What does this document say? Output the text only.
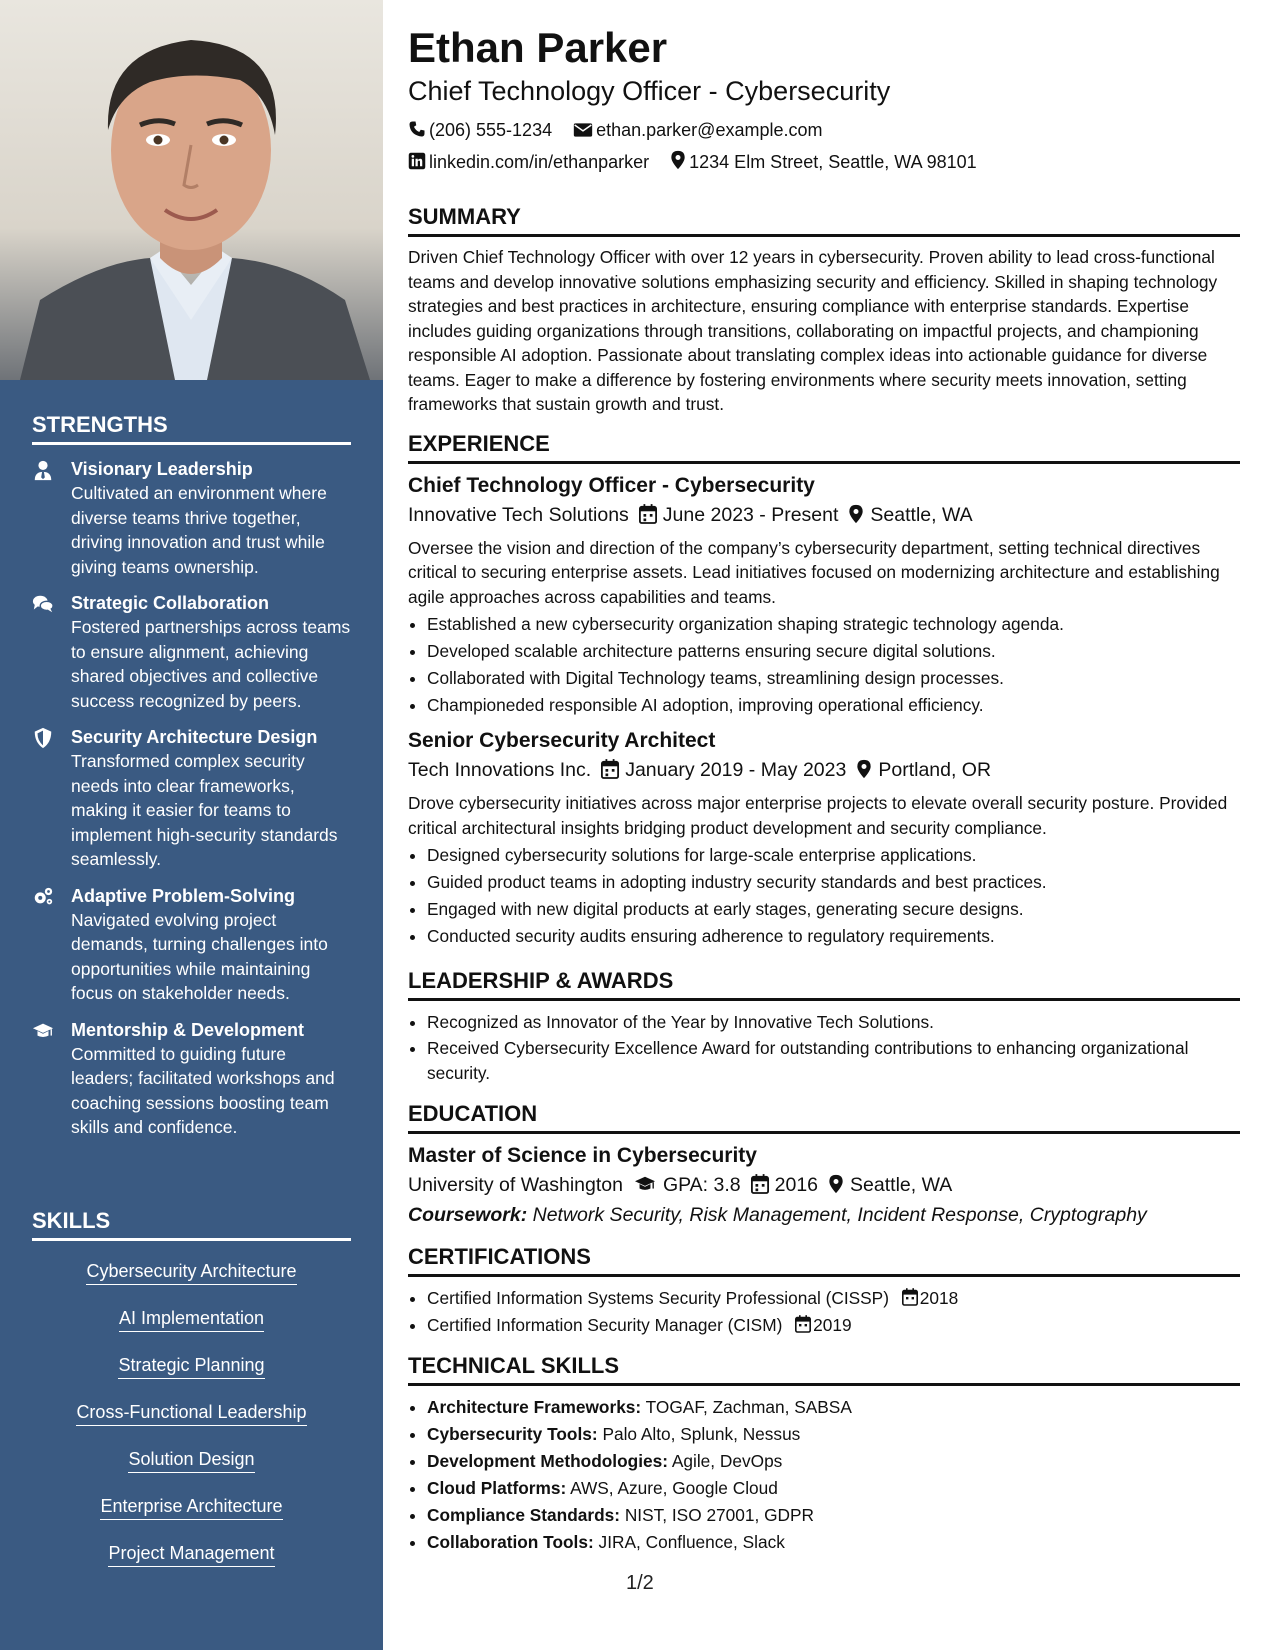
STRENGTHS
Visionary Leadership
Cultivated an environment where diverse teams thrive together, driving innovation and trust while giving teams ownership.
Strategic Collaboration
Fostered partnerships across teams to ensure alignment, achieving shared objectives and collective success recognized by peers.
Security Architecture Design
Transformed complex security needs into clear frameworks, making it easier for teams to implement high-security standards seamlessly.
Adaptive Problem-Solving
Navigated evolving project demands, turning challenges into opportunities while maintaining focus on stakeholder needs.
Mentorship & Development
Committed to guiding future leaders; facilitated workshops and coaching sessions boosting team skills and confidence.
SKILLS
Cybersecurity Architecture
AI Implementation
Strategic Planning
Cross-Functional Leadership
Solution Design
Enterprise Architecture
Project Management
Ethan Parker
Chief Technology Officer - Cybersecurity
(206) 555-1234 ethan.parker@example.com
linkedin.com/in/ethanparker 1234 Elm Street, Seattle, WA 98101
SUMMARY

Driven Chief Technology Officer with over 12 years in cybersecurity. Proven ability to lead cross-functional teams and develop innovative solutions emphasizing security and efficiency. Skilled in shaping technology strategies and best practices in architecture, ensuring compliance with enterprise standards. Expertise includes guiding organizations through transitions, collaborating on impactful projects, and championing responsible AI adoption. Passionate about translating complex ideas into actionable guidance for diverse teams. Eager to make a difference by fostering environments where security meets innovation, setting frameworks that sustain growth and trust.

EXPERIENCE
Chief Technology Officer - Cybersecurity
Innovative Tech Solutions June 2023 - Present Seattle, WA

Oversee the vision and direction of the company’s cybersecurity department, setting technical directives critical to securing enterprise assets. Lead initiatives focused on modernizing architecture and establishing agile approaches across capabilities and teams.

• Established a new cybersecurity organization shaping strategic technology agenda.
• Developed scalable architecture patterns ensuring secure digital solutions.
• Collaborated with Digital Technology teams, streamlining design processes.
• Championeded responsible AI adoption, improving operational efficiency.
Senior Cybersecurity Architect
Tech Innovations Inc. January 2019 - May 2023 Portland, OR

Drove cybersecurity initiatives across major enterprise projects to elevate overall security posture. Provided critical architectural insights bridging product development and security compliance.

• Designed cybersecurity solutions for large-scale enterprise applications.
• Guided product teams in adopting industry security standards and best practices.
• Engaged with new digital products at early stages, generating secure designs.
• Conducted security audits ensuring adherence to regulatory requirements.
LEADERSHIP & AWARDS
• Recognized as Innovator of the Year by Innovative Tech Solutions.
• Received Cybersecurity Excellence Award for outstanding contributions to enhancing organizational security.
EDUCATION
Master of Science in Cybersecurity
University of Washington GPA: 3.8 2016 Seattle, WA
Coursework: Network Security, Risk Management, Incident Response, Cryptography
CERTIFICATIONS
• Certified Information Systems Security Professional (CISSP) 2018
• Certified Information Security Manager (CISM) 2019
TECHNICAL SKILLS
• Architecture Frameworks: TOGAF, Zachman, SABSA
• Cybersecurity Tools: Palo Alto, Splunk, Nessus
• Development Methodologies: Agile, DevOps
• Cloud Platforms: AWS, Azure, Google Cloud
• Compliance Standards: NIST, ISO 27001, GDPR
• Collaboration Tools: JIRA, Confluence, Slack
1/2
